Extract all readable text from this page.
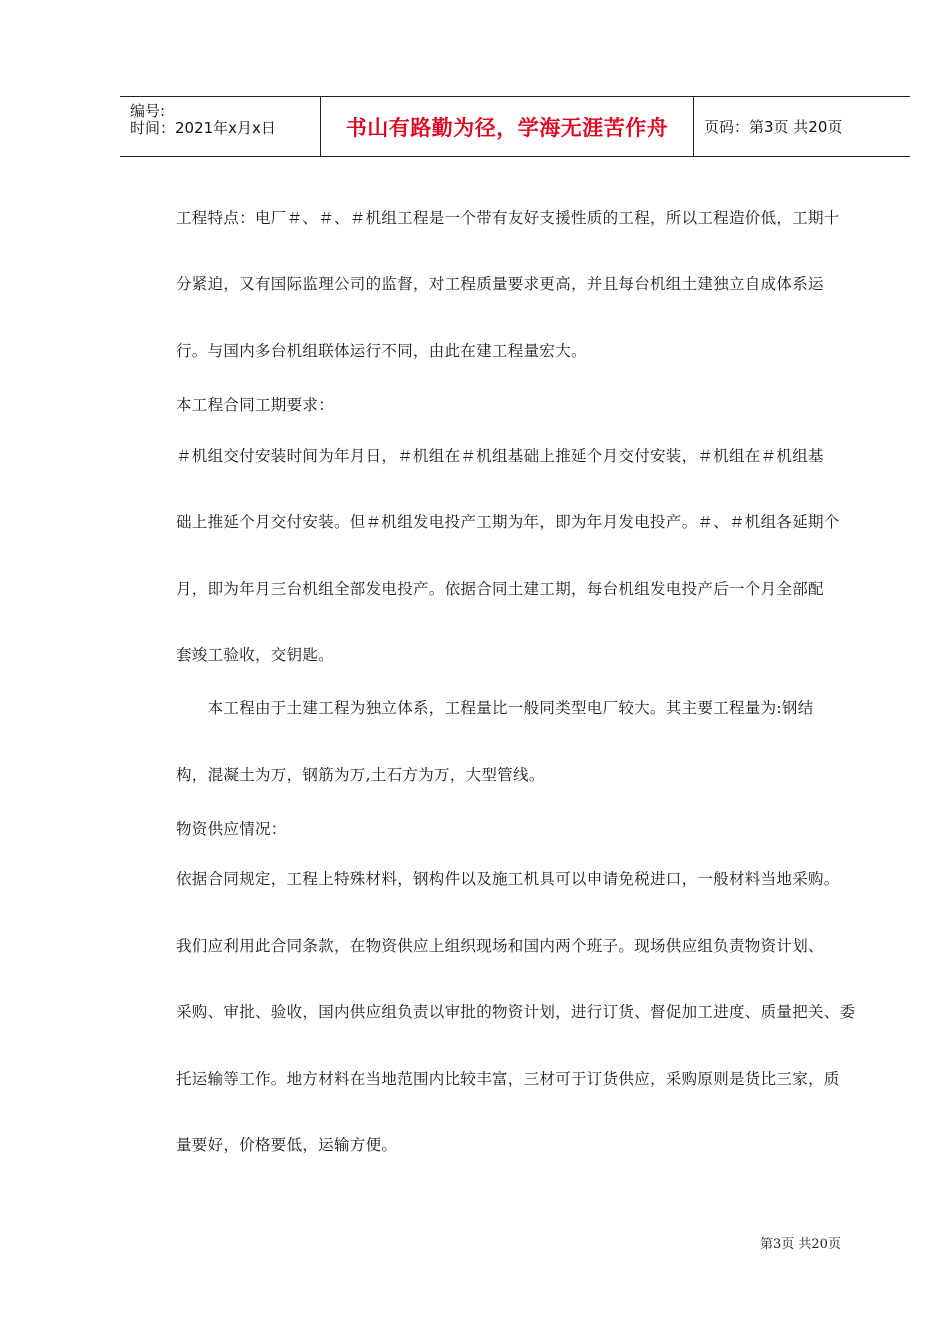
编号:
时间：2021年x月x日	书山有路勤为径，学海无涯苦作舟 页码：第3页 共20页
工程特点：电厂＃、＃、＃机组工程是一个带有友好支援性质的工程，所以工程造价低，工期十
分紧迫，又有国际监理公司的监督，对工程质量要求更高，并且每台机组土建独立自成体系运
行。与国内多台机组联体运行不同，由此在建工程量宏大。
本工程合同工期要求：
＃机组交付安装时间为年月日，＃机组在＃机组基础上推延个月交付安装，＃机组在＃机组基
础上推延个月交付安装。但＃机组发电投产工期为年，即为年月发电投产。＃、＃机组各延期个
月，即为年月三台机组全部发电投产。依据合同土建工期，每台机组发电投产后一个月全部配
套竣工验收，交钥匙。
　　本工程由于土建工程为独立体系，工程量比一般同类型电厂较大。其主要工程量为:钢结
构，混凝土为万，钢筋为万,土石方为万，大型管线。
物资供应情况：
依据合同规定，工程上特殊材料，钢构件以及施工机具可以申请免税进口，一般材料当地采购。
我们应利用此合同条款，在物资供应上组织现场和国内两个班子。现场供应组负责物资计划、
采购、审批、验收，国内供应组负责以审批的物资计划，进行订货、督促加工进度、质量把关、委
托运输等工作。地方材料在当地范围内比较丰富，三材可于订货供应，采购原则是货比三家，质
量要好，价格要低，运输方便。
第3页 共20页
